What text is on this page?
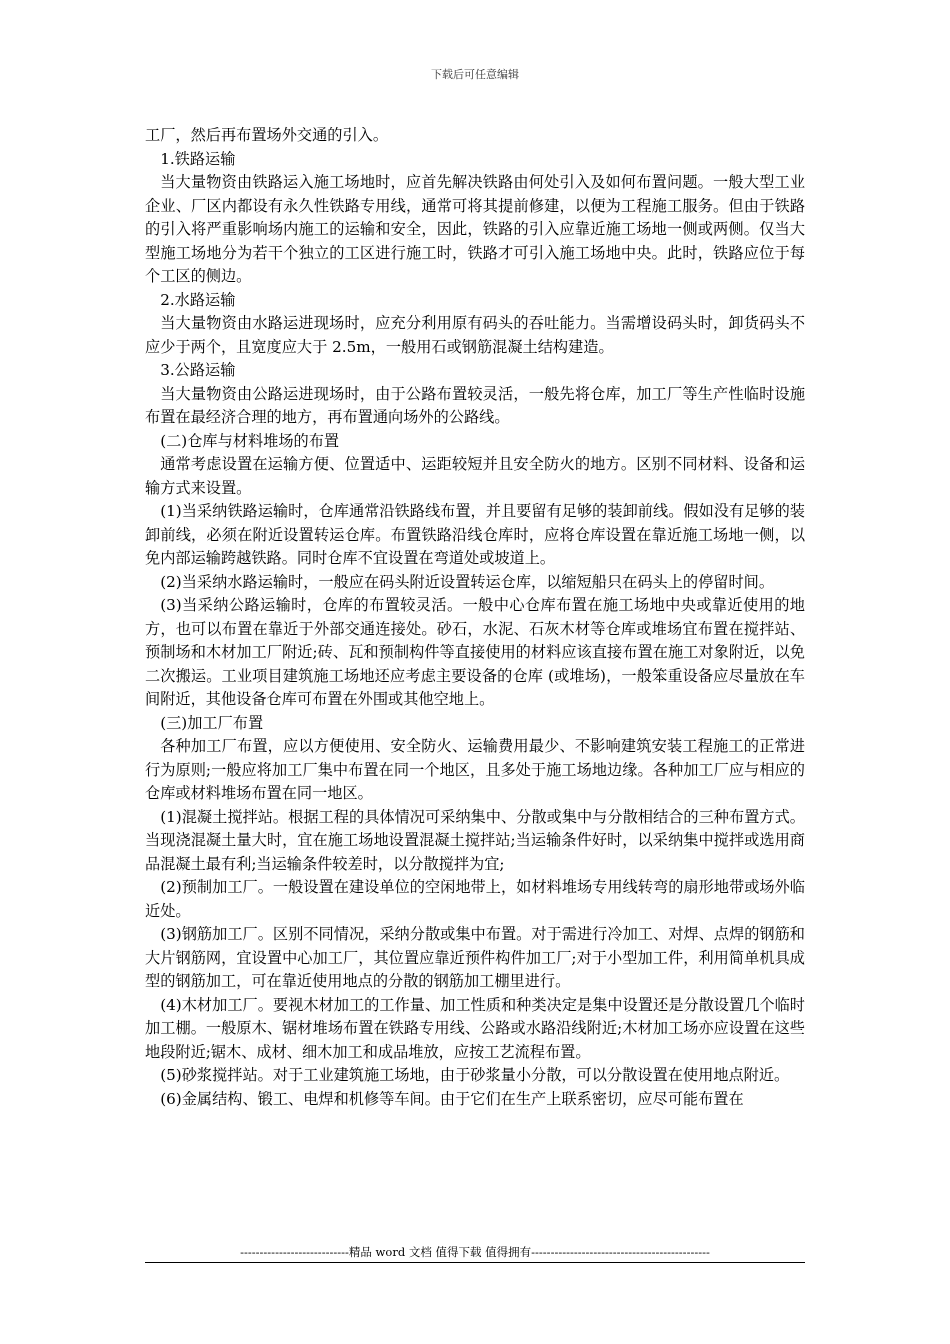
下载后可任意编辑

工厂，然后再布置场外交通的引入。

1.铁路运输

当大量物资由铁路运入施工场地时，应首先解决铁路由何处引入及如何布置问题。一般大型工业企业、厂区内都设有永久性铁路专用线，通常可将其提前修建，以便为工程施工服务。但由于铁路的引入将严重影响场内施工的运输和安全，因此，铁路的引入应靠近施工场地一侧或两侧。仅当大型施工场地分为若干个独立的工区进行施工时，铁路才可引入施工场地中央。此时，铁路应位于每个工区的侧边。

2.水路运输

当大量物资由水路运进现场时，应充分利用原有码头的吞吐能力。当需增设码头时，卸货码头不应少于两个，且宽度应大于 2.5m，一般用石或钢筋混凝土结构建造。

3.公路运输

当大量物资由公路运进现场时，由于公路布置较灵活，一般先将仓库，加工厂等生产性临时设施布置在最经济合理的地方，再布置通向场外的公路线。

(二)仓库与材料堆场的布置

通常考虑设置在运输方便、位置适中、运距较短并且安全防火的地方。区别不同材料、设备和运输方式来设置。

(1)当采纳铁路运输时，仓库通常沿铁路线布置，并且要留有足够的装卸前线。假如没有足够的装卸前线，必须在附近设置转运仓库。布置铁路沿线仓库时，应将仓库设置在靠近施工场地一侧，以免内部运输跨越铁路。同时仓库不宜设置在弯道处或坡道上。

(2)当采纳水路运输时，一般应在码头附近设置转运仓库，以缩短船只在码头上的停留时间。

(3)当采纳公路运输时，仓库的布置较灵活。一般中心仓库布置在施工场地中央或靠近使用的地方，也可以布置在靠近于外部交通连接处。砂石，水泥、石灰木材等仓库或堆场宜布置在搅拌站、预制场和木材加工厂附近;砖、瓦和预制构件等直接使用的材料应该直接布置在施工对象附近，以免二次搬运。工业项目建筑施工场地还应考虑主要设备的仓库 (或堆场)，一般笨重设备应尽量放在车间附近，其他设备仓库可布置在外围或其他空地上。

(三)加工厂布置

各种加工厂布置，应以方便使用、安全防火、运输费用最少、不影响建筑安装工程施工的正常进行为原则;一般应将加工厂集中布置在同一个地区，且多处于施工场地边缘。各种加工厂应与相应的仓库或材料堆场布置在同一地区。

(1)混凝土搅拌站。根据工程的具体情况可采纳集中、分散或集中与分散相结合的三种布置方式。当现浇混凝土量大时，宜在施工场地设置混凝土搅拌站;当运输条件好时，以采纳集中搅拌或选用商品混凝土最有利;当运输条件较差时，以分散搅拌为宜;

(2)预制加工厂。一般设置在建设单位的空闲地带上，如材料堆场专用线转弯的扇形地带或场外临近处。

(3)钢筋加工厂。区别不同情况，采纳分散或集中布置。对于需进行冷加工、对焊、点焊的钢筋和大片钢筋网，宜设置中心加工厂，其位置应靠近预件构件加工厂;对于小型加工件，利用简单机具成型的钢筋加工，可在靠近使用地点的分散的钢筋加工棚里进行。

(4)木材加工厂。要视木材加工的工作量、加工性质和种类决定是集中设置还是分散设置几个临时加工棚。一般原木、锯材堆场布置在铁路专用线、公路或水路沿线附近;木材加工场亦应设置在这些地段附近;锯木、成材、细木加工和成品堆放，应按工艺流程布置。

(5)砂浆搅拌站。对于工业建筑施工场地，由于砂浆量小分散，可以分散设置在使用地点附近。

(6)金属结构、锻工、电焊和机修等车间。由于它们在生产上联系密切，应尽可能布置在

----------------------------精品 word 文档 值得下载 值得拥有----------------------------------------------
